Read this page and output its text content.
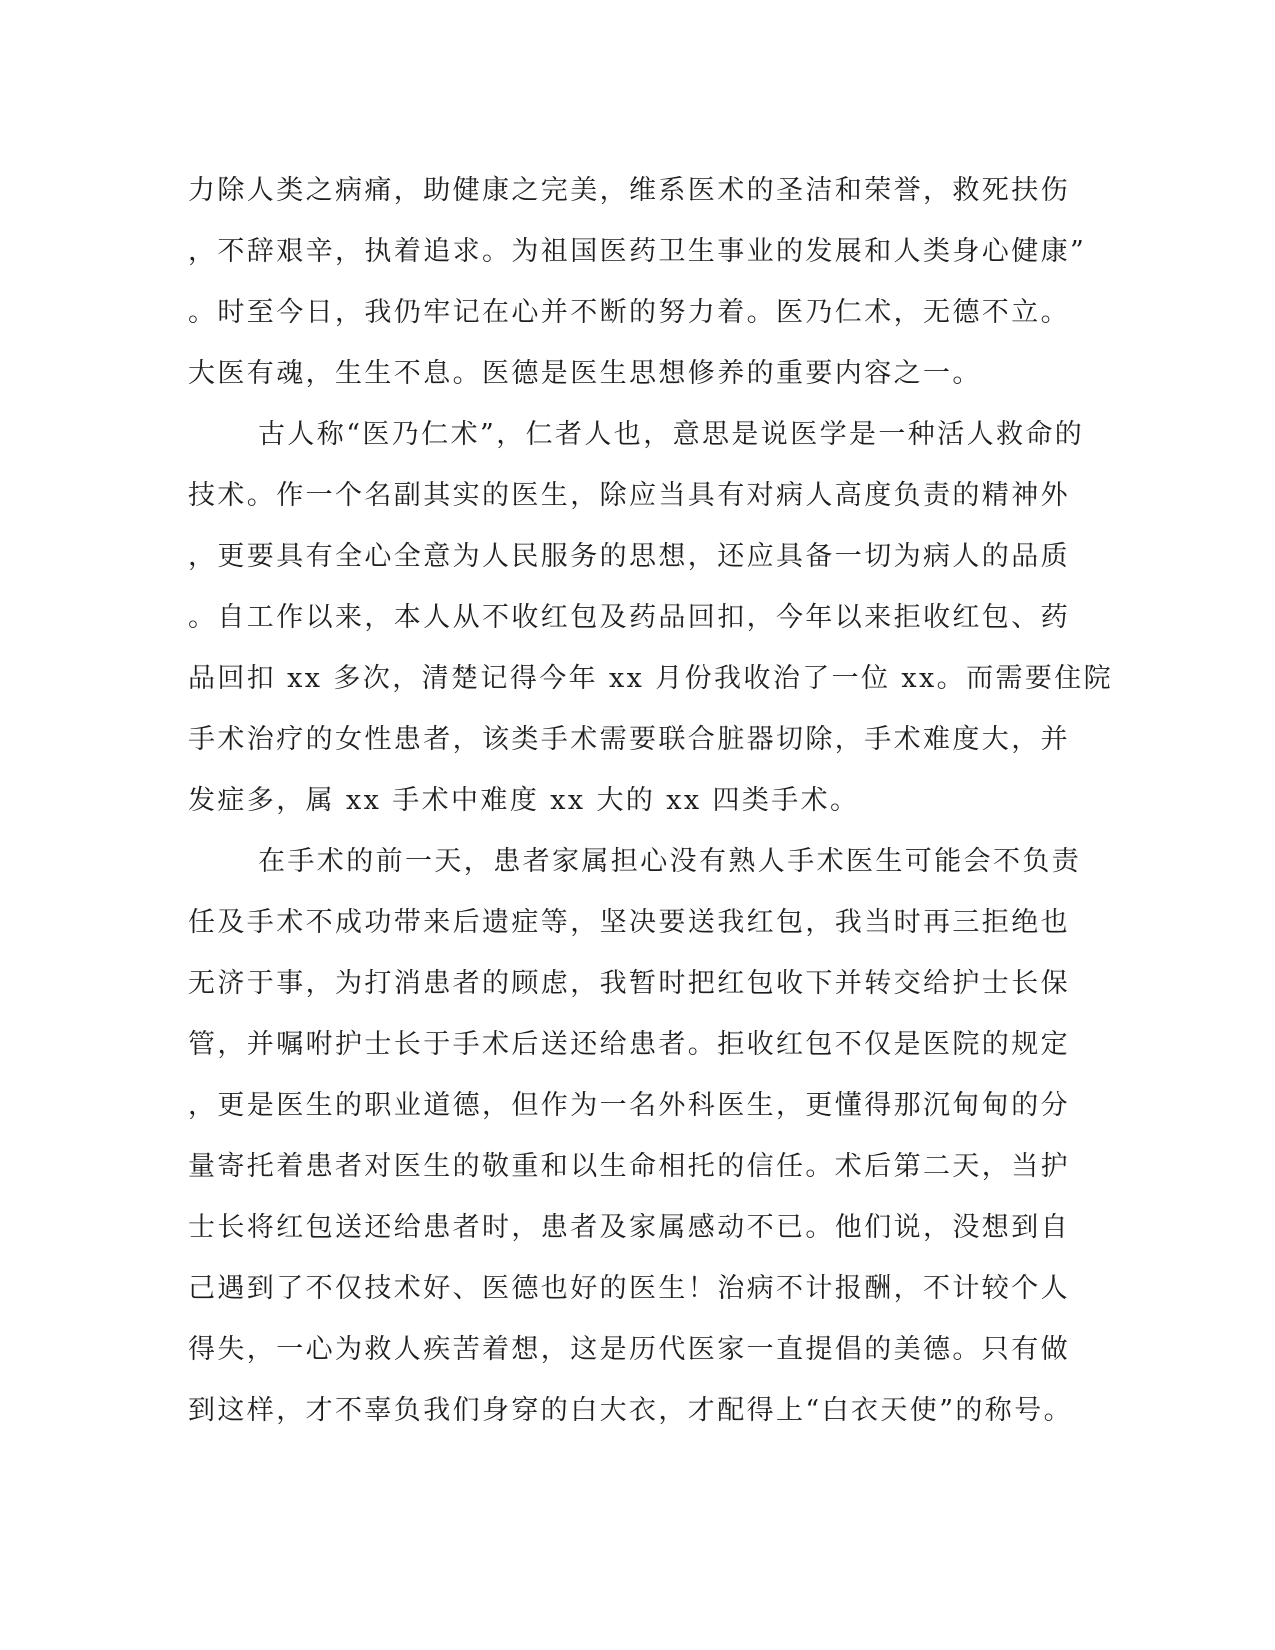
力除人类之病痛，助健康之完美，维系医术的圣洁和荣誉，救死扶伤
，不辞艰辛，执着追求。为祖国医药卫生事业的发展和人类身心健康”
。时至今日，我仍牢记在心并不断的努力着。医乃仁术，无德不立。
大医有魂，生生不息。医德是医生思想修养的重要内容之一。
古人称“医乃仁术”，仁者人也，意思是说医学是一种活人救命的
技术。作一个名副其实的医生，除应当具有对病人高度负责的精神外
，更要具有全心全意为人民服务的思想，还应具备一切为病人的品质
。自工作以来，本人从不收红包及药品回扣，今年以来拒收红包、药
品回扣 xx 多次，清楚记得今年 xx 月份我收治了一位 xx。而需要住院
手术治疗的女性患者，该类手术需要联合脏器切除，手术难度大，并
发症多，属 xx 手术中难度 xx 大的 xx 四类手术。
在手术的前一天，患者家属担心没有熟人手术医生可能会不负责
任及手术不成功带来后遗症等，坚决要送我红包，我当时再三拒绝也
无济于事，为打消患者的顾虑，我暂时把红包收下并转交给护士长保
管，并嘱咐护士长于手术后送还给患者。拒收红包不仅是医院的规定
，更是医生的职业道德，但作为一名外科医生，更懂得那沉甸甸的分
量寄托着患者对医生的敬重和以生命相托的信任。术后第二天，当护
士长将红包送还给患者时，患者及家属感动不已。他们说，没想到自
己遇到了不仅技术好、医德也好的医生！治病不计报酬，不计较个人
得失，一心为救人疾苦着想，这是历代医家一直提倡的美德。只有做
到这样，才不辜负我们身穿的白大衣，才配得上“白衣天使”的称号。
